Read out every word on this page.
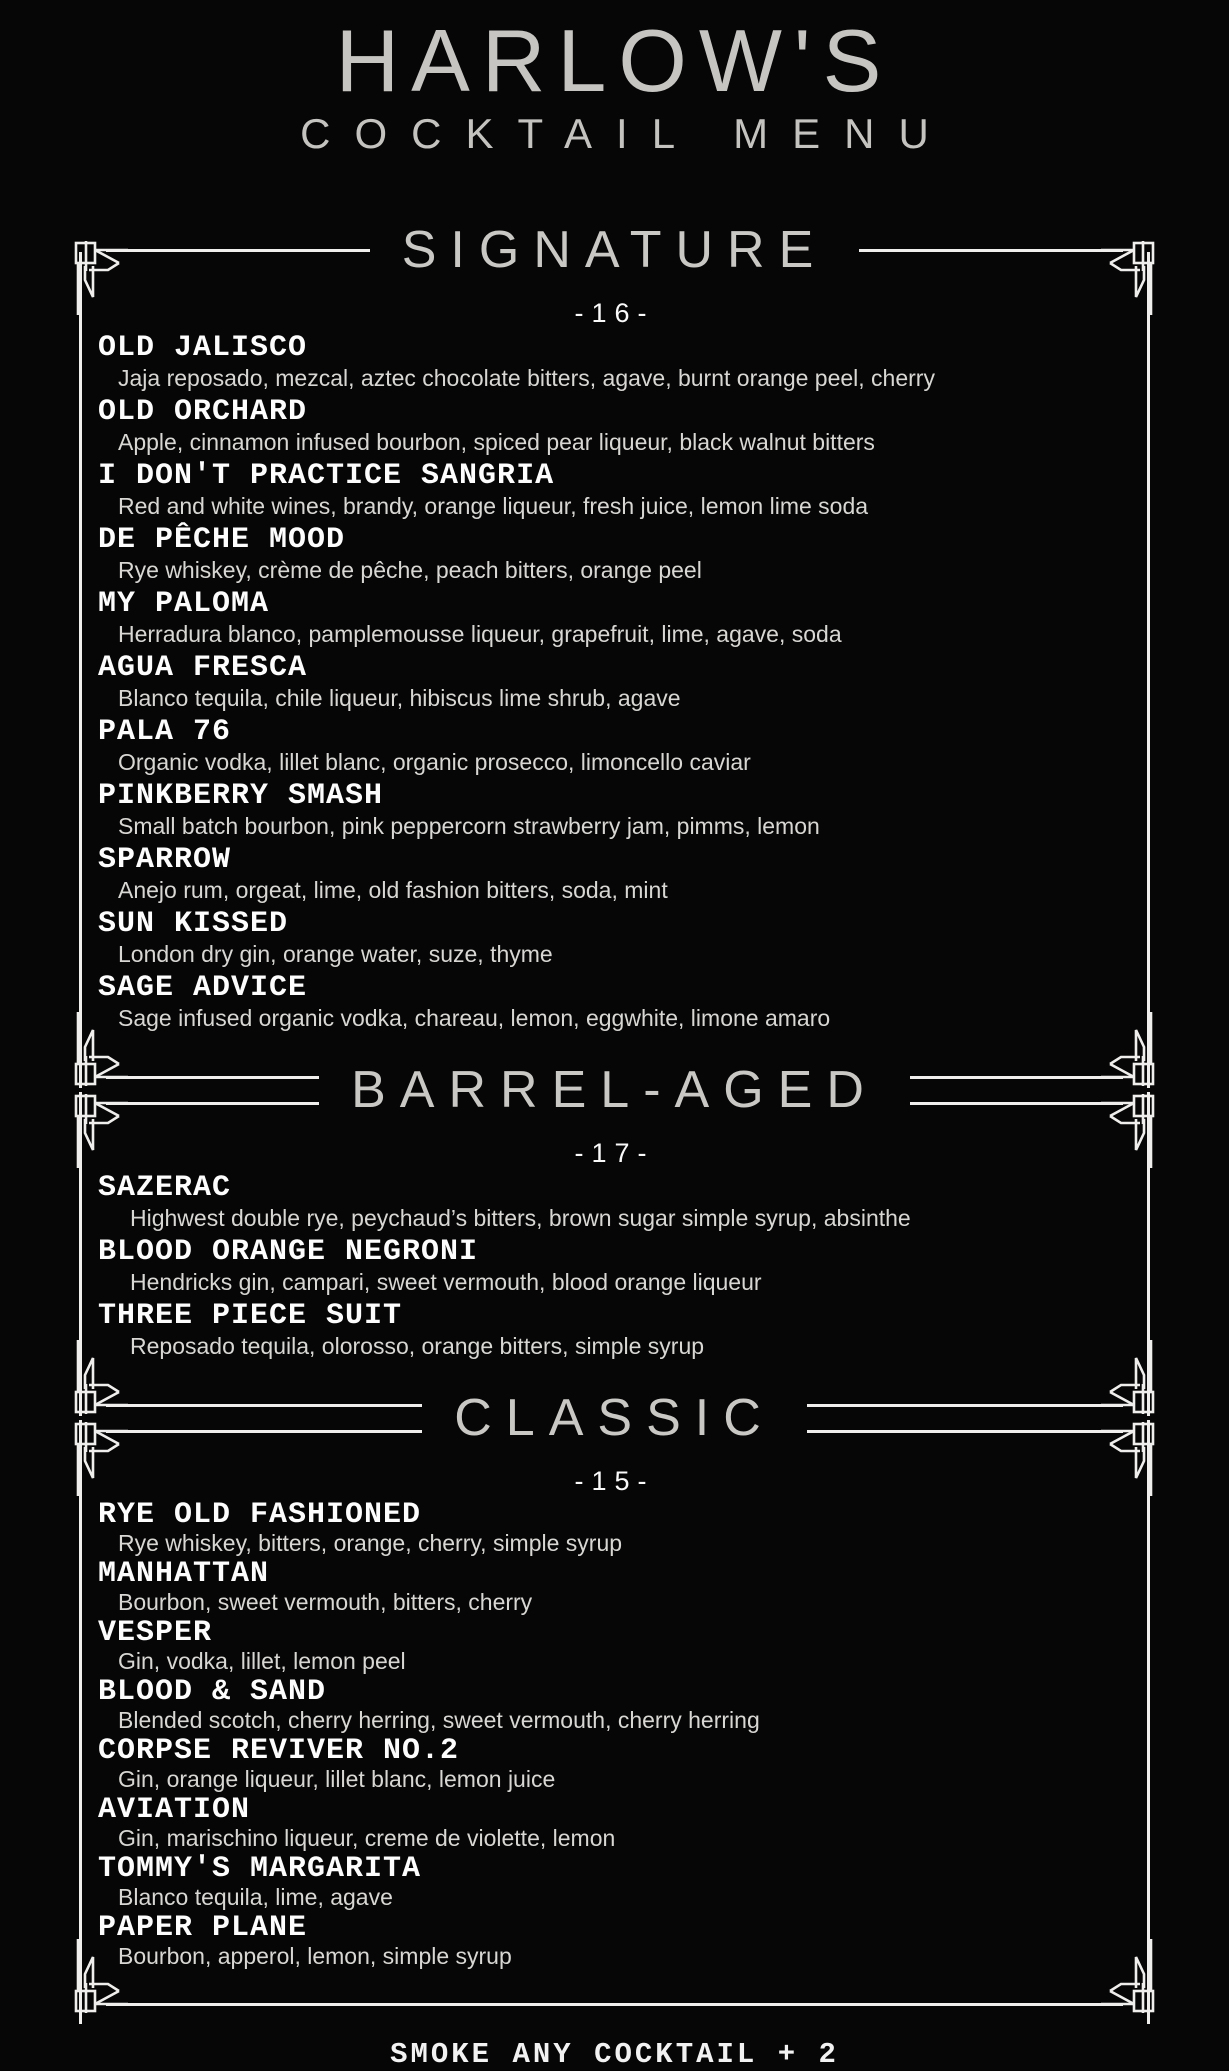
HARLOW'S
COCKTAIL MENU
SIGNATURE
-16-
OLD JALISCO
Jaja reposado, mezcal, aztec chocolate bitters, agave, burnt orange peel, cherry
OLD ORCHARD
Apple, cinnamon infused bourbon, spiced pear liqueur, black walnut bitters
I DON'T PRACTICE SANGRIA
Red and white wines, brandy, orange liqueur, fresh juice, lemon lime soda
DE PÊCHE MOOD
Rye whiskey, crème de pêche, peach bitters, orange peel
MY PALOMA
Herradura blanco, pamplemousse liqueur, grapefruit, lime, agave, soda
AGUA FRESCA
Blanco tequila, chile liqueur, hibiscus lime shrub, agave
PALA 76
Organic vodka, lillet blanc, organic prosecco, limoncello caviar
PINKBERRY SMASH
Small batch bourbon, pink peppercorn strawberry jam, pimms, lemon
SPARROW
Anejo rum, orgeat, lime, old fashion bitters, soda, mint
SUN KISSED
London dry gin, orange water, suze, thyme
SAGE ADVICE
Sage infused organic vodka, chareau, lemon, eggwhite, limone amaro
BARREL-AGED
-17-
SAZERAC
Highwest double rye, peychaud’s bitters, brown sugar simple syrup, absinthe
BLOOD ORANGE NEGRONI
Hendricks gin, campari, sweet vermouth, blood orange liqueur
THREE PIECE SUIT
Reposado tequila, olorosso, orange bitters, simple syrup
CLASSIC
-15-
RYE OLD FASHIONED
Rye whiskey, bitters, orange, cherry, simple syrup
MANHATTAN
Bourbon, sweet vermouth, bitters, cherry
VESPER
Gin, vodka, lillet, lemon peel
BLOOD & SAND
Blended scotch, cherry herring, sweet vermouth, cherry herring
CORPSE REVIVER NO.2
Gin, orange liqueur, lillet blanc, lemon juice
AVIATION
Gin, marischino liqueur, creme de violette, lemon
TOMMY'S MARGARITA
Blanco tequila, lime, agave
PAPER PLANE
Bourbon, apperol, lemon, simple syrup
SMOKE ANY COCKTAIL + 2
